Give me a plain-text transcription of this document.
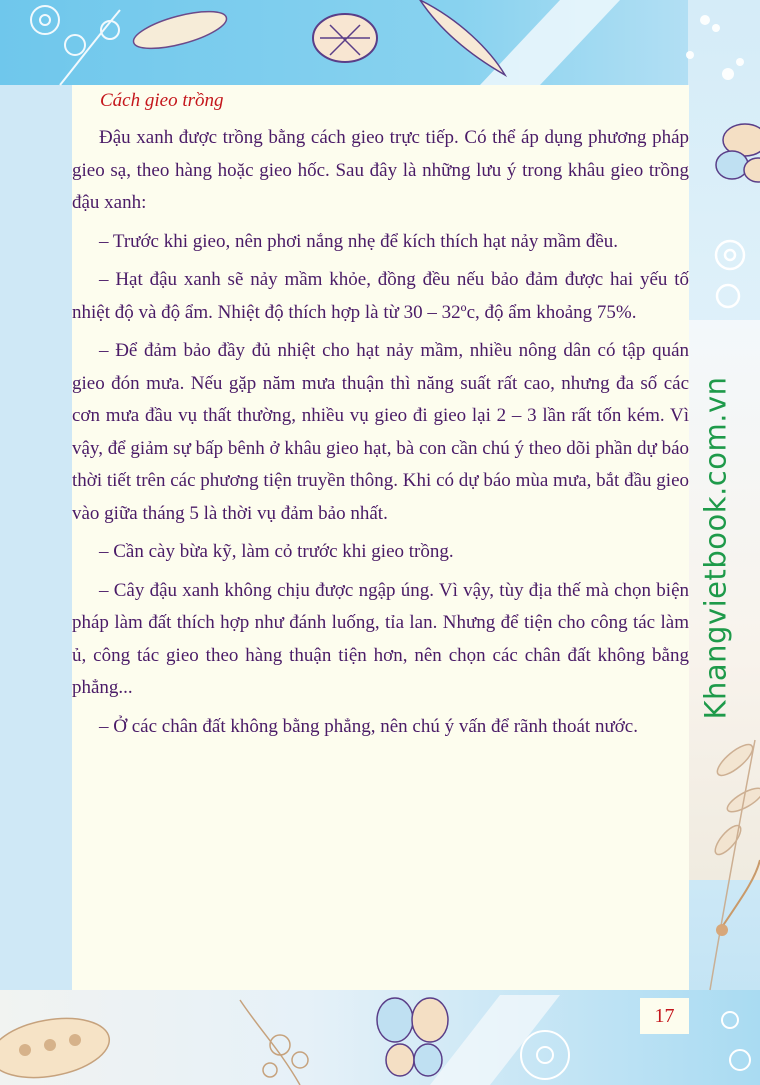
Cách gieo trồng

Đậu xanh được trồng bằng cách gieo trực tiếp. Có thể áp dụng phương pháp gieo sạ, theo hàng hoặc gieo hốc. Sau đây là những lưu ý trong khâu gieo trồng đậu xanh:

– Trước khi gieo, nên phơi nắng nhẹ để kích thích hạt nảy mầm đều.

– Hạt đậu xanh sẽ nảy mầm khỏe, đồng đều nếu bảo đảm được hai yếu tố nhiệt độ và độ ẩm. Nhiệt độ thích hợp là từ 30 – 32ºc, độ ẩm khoảng 75%.

– Để đảm bảo đầy đủ nhiệt cho hạt nảy mầm, nhiều nông dân có tập quán gieo đón mưa. Nếu gặp năm mưa thuận thì năng suất rất cao, nhưng đa số các cơn mưa đầu vụ thất thường, nhiều vụ gieo đi gieo lại 2 – 3 lần rất tốn kém. Vì vậy, để giảm sự bấp bênh ở khâu gieo hạt, bà con cần chú ý theo dõi phần dự báo thời tiết trên các phương tiện truyền thông. Khi có dự báo mùa mưa, bắt đầu gieo vào giữa tháng 5 là thời vụ đảm bảo nhất.

– Cần cày bừa kỹ, làm cỏ trước khi gieo trồng.

– Cây đậu xanh không chịu được ngập úng. Vì vậy, tùy địa thế mà chọn biện pháp làm đất thích hợp như đánh luống, tỉa lan. Nhưng để tiện cho công tác làm ủ, công tác gieo theo hàng thuận tiện hơn, nên chọn các chân đất không bằng phẳng...

– Ở các chân đất không bằng phẳng, nên chú ý vấn để rãnh thoát nước.

17
Khangvietbook.com.vn
